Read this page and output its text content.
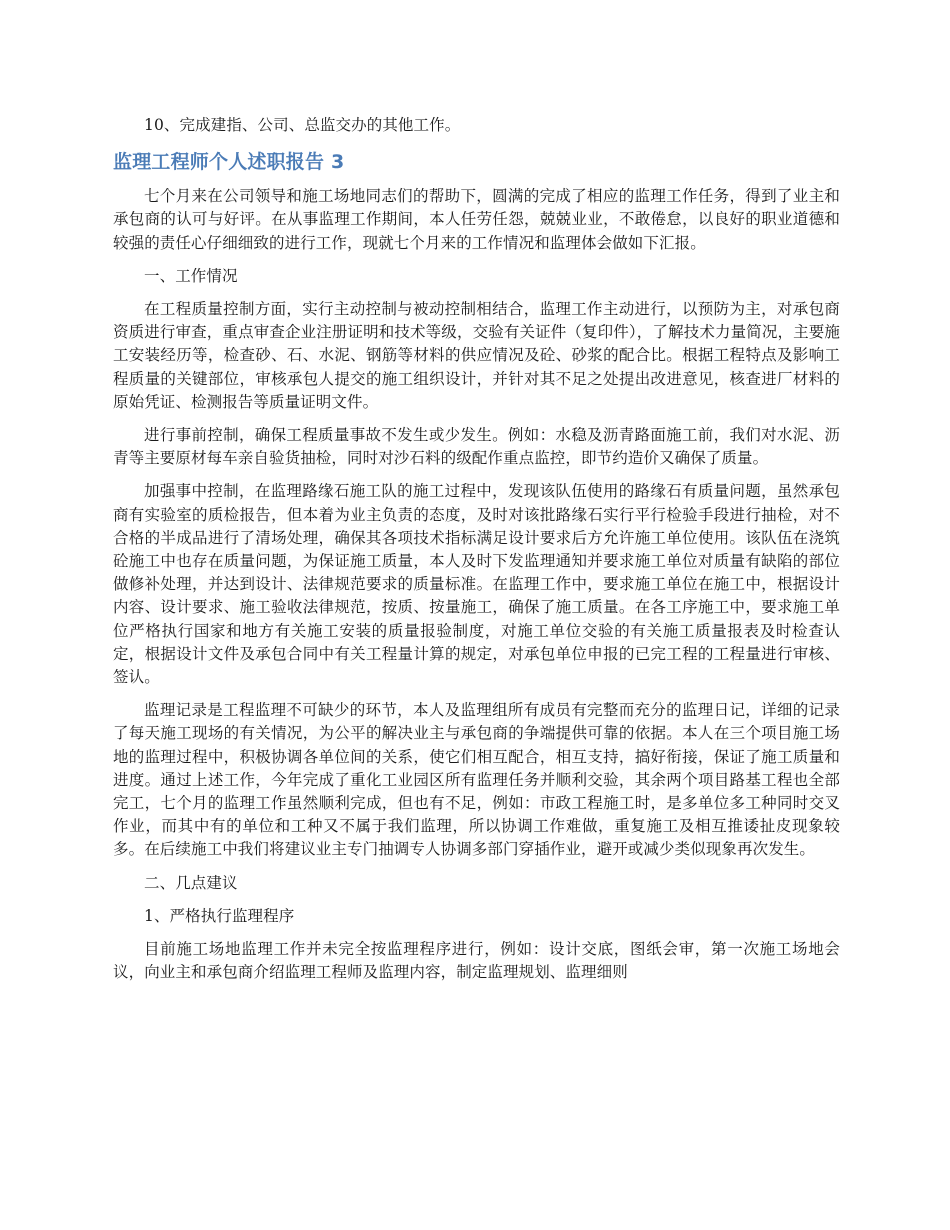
10、完成建指、公司、总监交办的其他工作。

监理工程师个人述职报告 3

七个月来在公司领导和施工场地同志们的帮助下，圆满的完成了相应的监理工作任务，得到了业主和承包商的认可与好评。在从事监理工作期间，本人任劳任怨，兢兢业业，不敢倦怠，以良好的职业道德和较强的责任心仔细细致的进行工作，现就七个月来的工作情况和监理体会做如下汇报。

一、工作情况

在工程质量控制方面，实行主动控制与被动控制相结合，监理工作主动进行，以预防为主，对承包商资质进行审查，重点审查企业注册证明和技术等级，交验有关证件（复印件），了解技术力量简况，主要施工安装经历等，检查砂、石、水泥、钢筋等材料的供应情况及砼、砂浆的配合比。根据工程特点及影响工程质量的关键部位，审核承包人提交的施工组织设计，并针对其不足之处提出改进意见，核查进厂材料的原始凭证、检测报告等质量证明文件。

进行事前控制，确保工程质量事故不发生或少发生。例如：水稳及沥青路面施工前，我们对水泥、沥青等主要原材每车亲自验货抽检，同时对沙石料的级配作重点监控，即节约造价又确保了质量。

加强事中控制，在监理路缘石施工队的施工过程中，发现该队伍使用的路缘石有质量问题，虽然承包商有实验室的质检报告，但本着为业主负责的态度，及时对该批路缘石实行平行检验手段进行抽检，对不合格的半成品进行了清场处理，确保其各项技术指标满足设计要求后方允许施工单位使用。该队伍在浇筑砼施工中也存在质量问题，为保证施工质量，本人及时下发监理通知并要求施工单位对质量有缺陷的部位做修补处理，并达到设计、法律规范要求的质量标准。在监理工作中，要求施工单位在施工中，根据设计内容、设计要求、施工验收法律规范，按质、按量施工，确保了施工质量。在各工序施工中，要求施工单位严格执行国家和地方有关施工安装的质量报验制度，对施工单位交验的有关施工质量报表及时检查认定，根据设计文件及承包合同中有关工程量计算的规定，对承包单位申报的已完工程的工程量进行审核、签认。

监理记录是工程监理不可缺少的环节，本人及监理组所有成员有完整而充分的监理日记，详细的记录了每天施工现场的有关情况，为公平的解决业主与承包商的争端提供可靠的依据。本人在三个项目施工场地的监理过程中，积极协调各单位间的关系，使它们相互配合，相互支持，搞好衔接，保证了施工质量和进度。通过上述工作，今年完成了重化工业园区所有监理任务并顺利交验，其余两个项目路基工程也全部完工，七个月的监理工作虽然顺利完成，但也有不足，例如：市政工程施工时，是多单位多工种同时交叉作业，而其中有的单位和工种又不属于我们监理，所以协调工作难做，重复施工及相互推诿扯皮现象较多。在后续施工中我们将建议业主专门抽调专人协调多部门穿插作业，避开或减少类似现象再次发生。

二、几点建议

1、严格执行监理程序

目前施工场地监理工作并未完全按监理程序进行，例如：设计交底，图纸会审，第一次施工场地会议，向业主和承包商介绍监理工程师及监理内容，制定监理规划、监理细则
